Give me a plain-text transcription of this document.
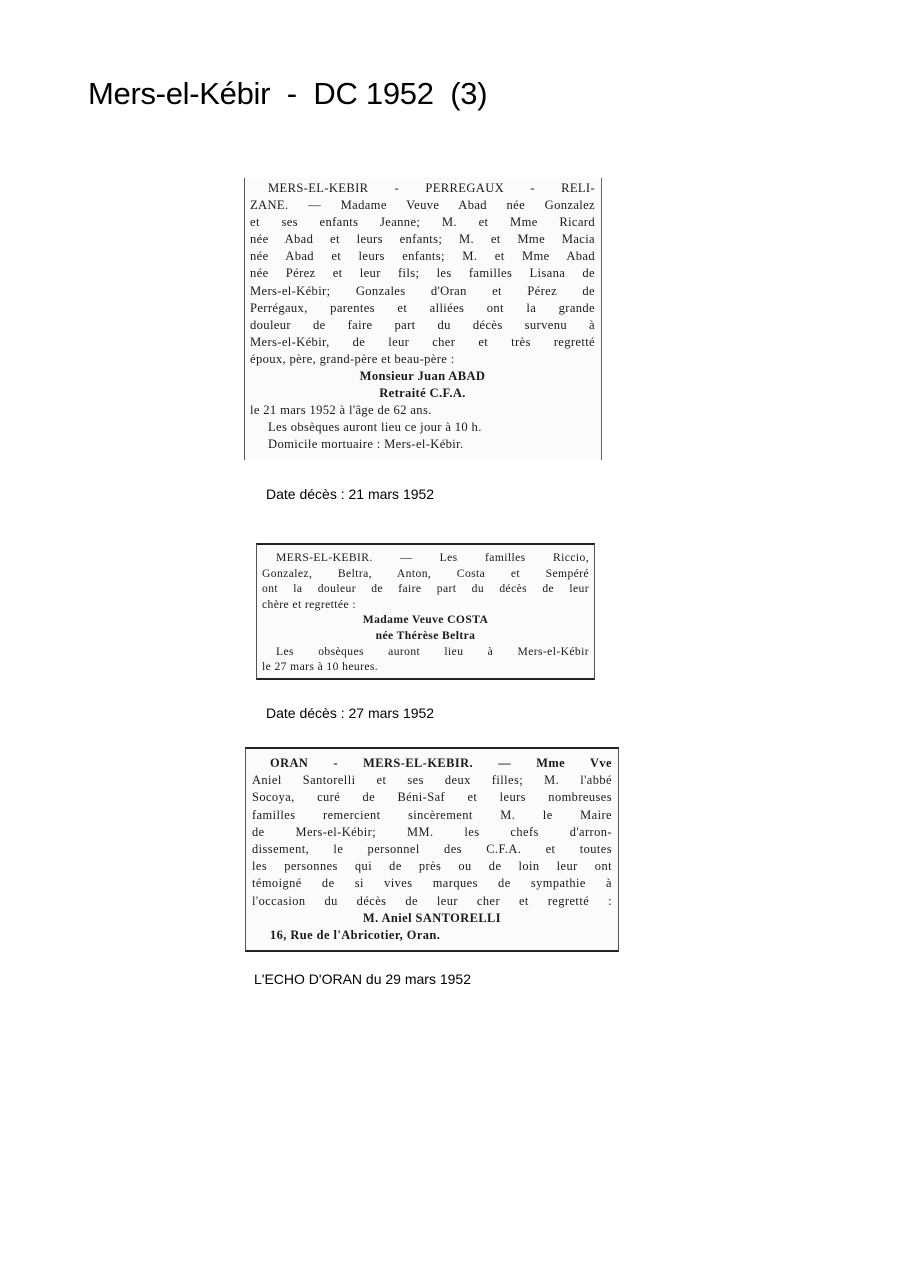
Mers-el-Kébir  -  DC 1952  (3)

MERS-EL-KEBIR - PERREGAUX - RELI-

ZANE. — Madame Veuve Abad née Gonzalez

et ses enfants Jeanne; M. et Mme Ricard

née Abad et leurs enfants; M. et Mme Macia

née Abad et leurs enfants; M. et Mme Abad

née Pérez et leur fils; les familles Lisana de

Mers-el-Kébir; Gonzales d'Oran et Pérez de

Perrégaux, parentes et alliées ont la grande

douleur de faire part du décès survenu à

Mers-el-Kébir, de leur cher et très regretté

époux, père, grand-père et beau-père :

Monsieur Juan ABAD

Retraité C.F.A.

le 21 mars 1952 à l'âge de 62 ans.

Les obsèques auront lieu ce jour à 10 h.

Domicile mortuaire : Mers-el-Kébir.

Date décès : 21 mars 1952

MERS-EL-KEBIR. — Les familles Riccio,

Gonzalez, Beltra, Anton, Costa et Sempéré

ont la douleur de faire part du décès de leur

chère et regrettée :

Madame Veuve COSTA

née Thérèse Beltra

Les obsèques auront lieu à Mers-el-Kébir

le 27 mars à 10 heures.

Date décès : 27 mars 1952

ORAN - MERS-EL-KEBIR. — Mme Vve

Aniel Santorelli et ses deux filles; M. l'abbé

Socoya, curé de Béni-Saf et leurs nombreuses

familles remercient sincèrement M. le Maire

de Mers-el-Kébir; MM. les chefs d'arron-

dissement, le personnel des C.F.A. et toutes

les personnes qui de près ou de loin leur ont

témoigné de si vives marques de sympathie à

l'occasion du décès de leur cher et regretté :

M. Aniel SANTORELLI

16, Rue de l'Abricotier, Oran.

L'ECHO D'ORAN du 29 mars 1952
